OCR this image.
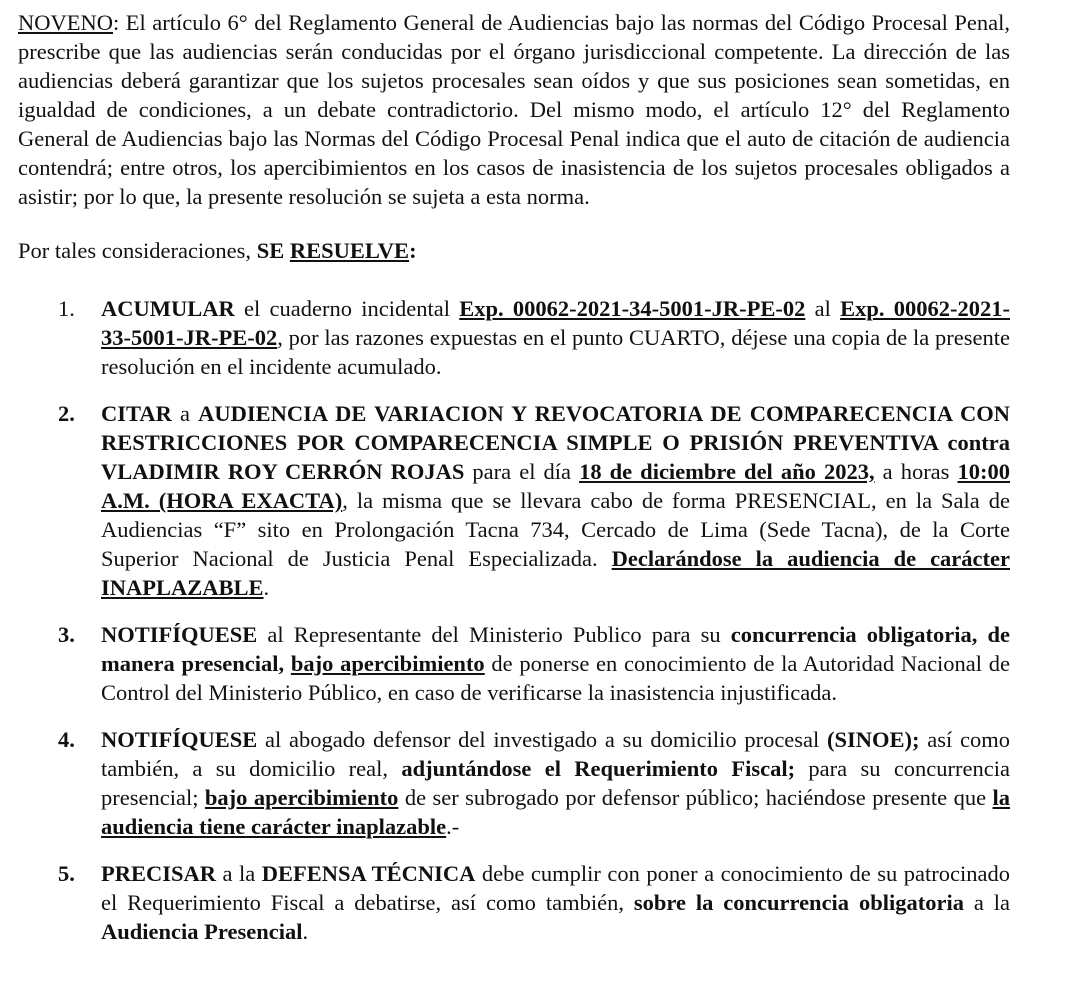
NOVENO: El artículo 6° del Reglamento General de Audiencias bajo las normas del Código Procesal Penal, prescribe que las audiencias serán conducidas por el órgano jurisdiccional competente. La dirección de las audiencias deberá garantizar que los sujetos procesales sean oídos y que sus posiciones sean sometidas, en igualdad de condiciones, a un debate contradictorio. Del mismo modo, el artículo 12° del Reglamento General de Audiencias bajo las Normas del Código Procesal Penal indica que el auto de citación de audiencia contendrá; entre otros, los apercibimientos en los casos de inasistencia de los sujetos procesales obligados a asistir; por lo que, la presente resolución se sujeta a esta norma.

Por tales consideraciones, SE RESUELVE:

1. ACUMULAR el cuaderno incidental Exp. 00062-2021-34-5001-JR-PE-02 al Exp. 00062-2021-33-5001-JR-PE-02, por las razones expuestas en el punto CUARTO, déjese una copia de la presente resolución en el incidente acumulado.
2. CITAR a AUDIENCIA DE VARIACION Y REVOCATORIA DE COMPARECENCIA CON RESTRICCIONES POR COMPARECENCIA SIMPLE O PRISIÓN PREVENTIVA contra VLADIMIR ROY CERRÓN ROJAS para el día 18 de diciembre del año 2023, a horas 10:00 A.M. (HORA EXACTA), la misma que se llevara cabo de forma PRESENCIAL, en la Sala de Audiencias “F” sito en Prolongación Tacna 734, Cercado de Lima (Sede Tacna), de la Corte Superior Nacional de Justicia Penal Especializada. Declarándose la audiencia de carácter INAPLAZABLE.
3. NOTIFÍQUESE al Representante del Ministerio Publico para su concurrencia obligatoria, de manera presencial, bajo apercibimiento de ponerse en conocimiento de la Autoridad Nacional de Control del Ministerio Público, en caso de verificarse la inasistencia injustificada.
4. NOTIFÍQUESE al abogado defensor del investigado a su domicilio procesal (SINOE); así como también, a su domicilio real, adjuntándose el Requerimiento Fiscal; para su concurrencia presencial; bajo apercibimiento de ser subrogado por defensor público; haciéndose presente que la audiencia tiene carácter inaplazable.-
5. PRECISAR a la DEFENSA TÉCNICA debe cumplir con poner a conocimiento de su patrocinado el Requerimiento Fiscal a debatirse, así como también, sobre la concurrencia obligatoria a la Audiencia Presencial.
